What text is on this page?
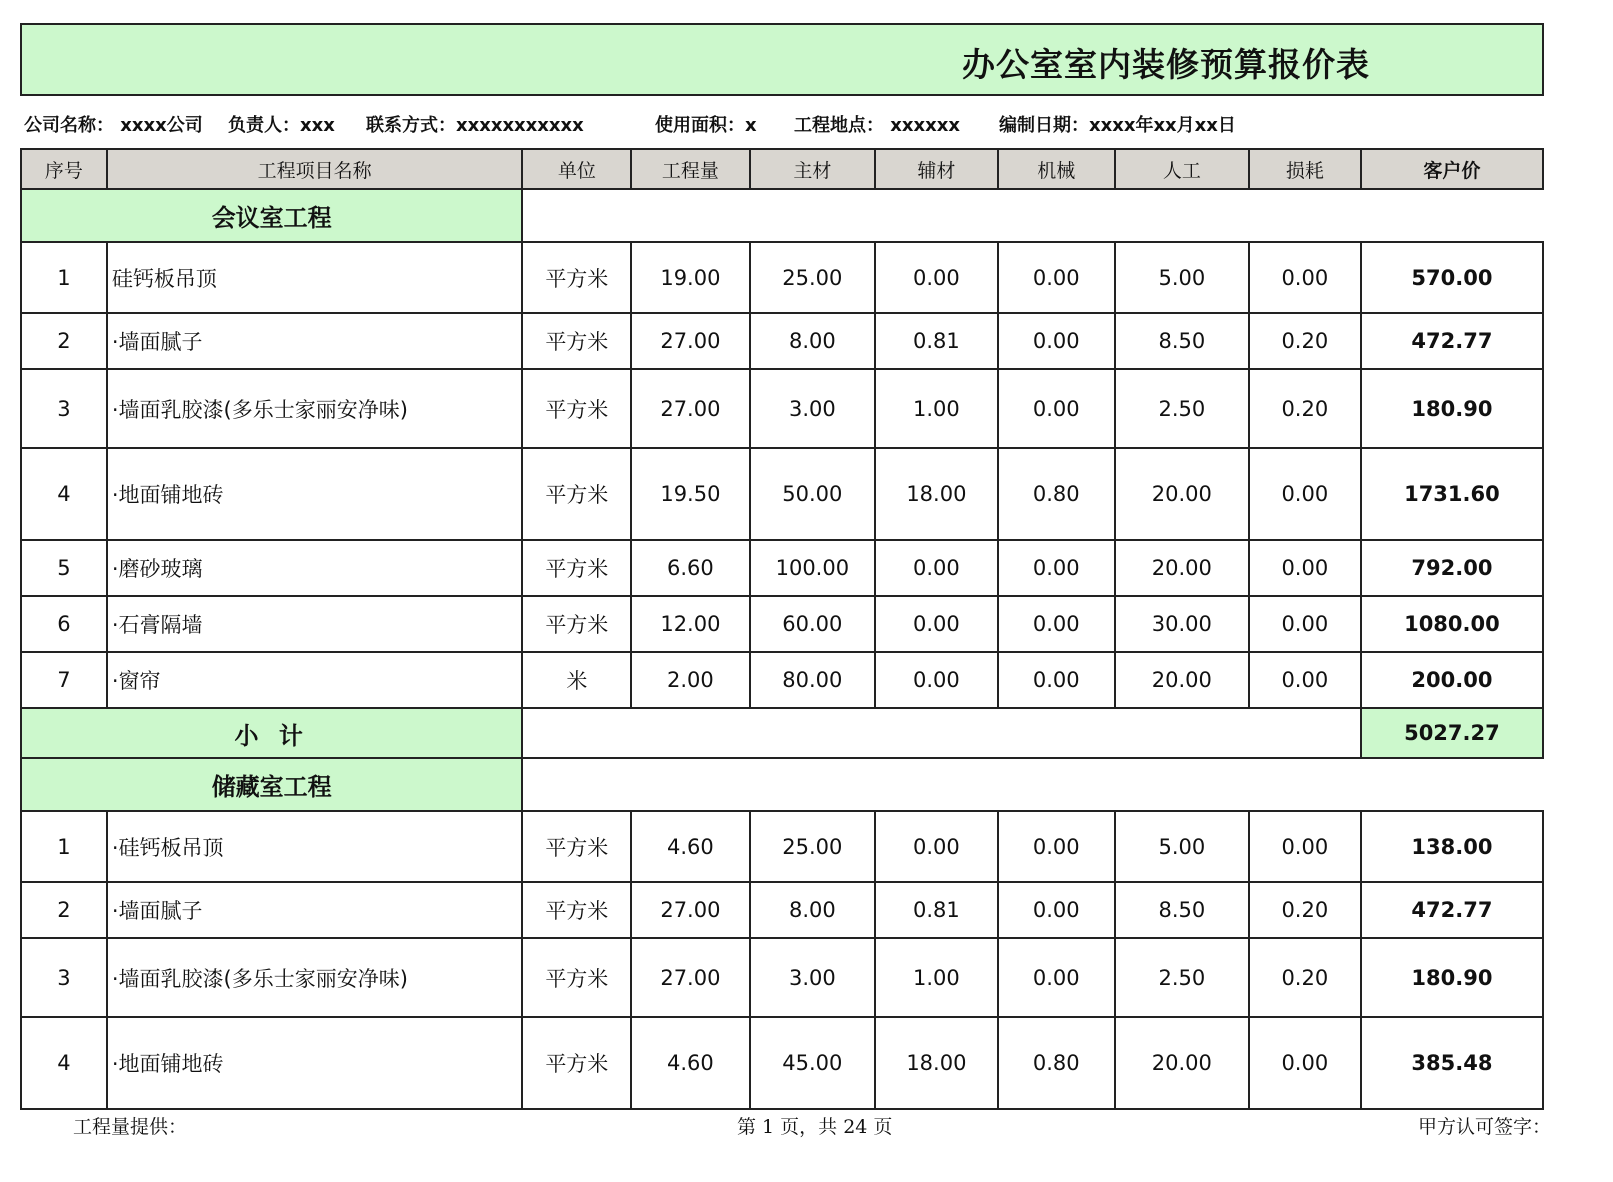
办公室室内装修预算报价表
公司名称： xxxx公司 负责人：xxx 联系方式：xxxxxxxxxxx	使用面积：x 工程地点： xxxxxx 编制日期：xxxx年xx月xx日
序号	工程项目名称	单位	工程量	主材	辅材	机械	人工	损耗	客户价
会议室工程									
1	硅钙板吊顶	平方米	19.00	25.00	0.00	0.00	5.00	0.00	570.00
2	·墙面腻子	平方米	27.00	8.00	0.81	0.00	8.50	0.20	472.77
3	·墙面乳胶漆(多乐士家丽安净味)	平方米	27.00	3.00	1.00	0.00	2.50	0.20	180.90
4	·地面铺地砖	平方米	19.50	50.00	18.00	0.80	20.00	0.00	1731.60
5	·磨砂玻璃	平方米	6.60	100.00	0.00	0.00	20.00	0.00	792.00
6	·石膏隔墙	平方米	12.00	60.00	0.00	0.00	30.00	0.00	1080.00
7	·窗帘	米	2.00	80.00	0.00	0.00	20.00	0.00	200.00
小 计									5027.27
储藏室工程									
1	·硅钙板吊顶	平方米	4.60	25.00	0.00	0.00	5.00	0.00	138.00
2	·墙面腻子	平方米	27.00	8.00	0.81	0.00	8.50	0.20	472.77
3	·墙面乳胶漆(多乐士家丽安净味)	平方米	27.00	3.00	1.00	0.00	2.50	0.20	180.90
4	·地面铺地砖	平方米	4.60	45.00	18.00	0.80	20.00	0.00	385.48
工程量提供：	第 1 页，共 24 页	甲方认可签字：
